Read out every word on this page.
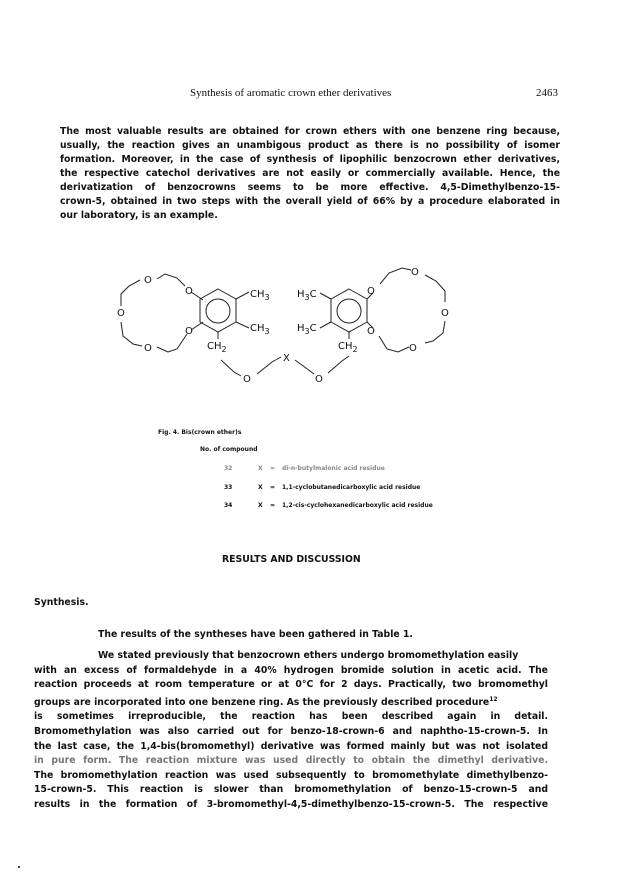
Synthesis of aromatic crown ether derivatives	2463
The most valuable results are obtained for crown ethers with one benzene ring because,
usually, the reaction gives an unambigous product as there is no possibility of isomer
formation. Moreover, in the case of synthesis of lipophilic benzocrown ether derivatives,
the respective catechol derivatives are not easily or commercially available. Hence, the
derivatization of benzocrowns seems to be more effective. 4,5-Dimethylbenzo-15-
crown-5, obtained in two steps with the overall yield of 66% by a procedure elaborated in
our laboratory, is an example.
O
O
O
O
O
$CH_3$
$CH_3$
$H_3C$
$H_3C$
$CH_2$	$CH_2$
O
X
O
O
O
O
O
O
Fig. 4. Bis(crown ether)s
No. of compound
32	X = di-n-butylmalonic acid residue
33	X = 1,1-cyclobutanedicarboxylic acid residue
34	X = 1,2-cis-cyclohexanedicarboxylic acid residue
RESULTS AND DISCUSSION
Synthesis.
The results of the syntheses have been gathered in Table 1.
We stated previously that benzocrown ethers undergo bromomethylation easily
with an excess of formaldehyde in a 40% hydrogen bromide solution in acetic acid. The
reaction proceeds at room temperature or at 0°C for 2 days. Practically, two bromomethyl
groups are incorporated into one benzene ring. As the previously described procedure$^{12}$
is sometimes irreproducible, the reaction has been described again in detail.
Bromomethylation was also carried out for benzo-18-crown-6 and naphtho-15-crown-5. In
the last case, the 1,4-bis(bromomethyl) derivative was formed mainly but was not isolated
in pure form. The reaction mixture was used directly to obtain the dimethyl derivative.
The bromomethylation reaction was used subsequently to bromomethylate dimethylbenzo-
15-crown-5. This reaction is slower than bromomethylation of benzo-15-crown-5 and
results in the formation of 3-bromomethyl-4,5-dimethylbenzo-15-crown-5. The respective
